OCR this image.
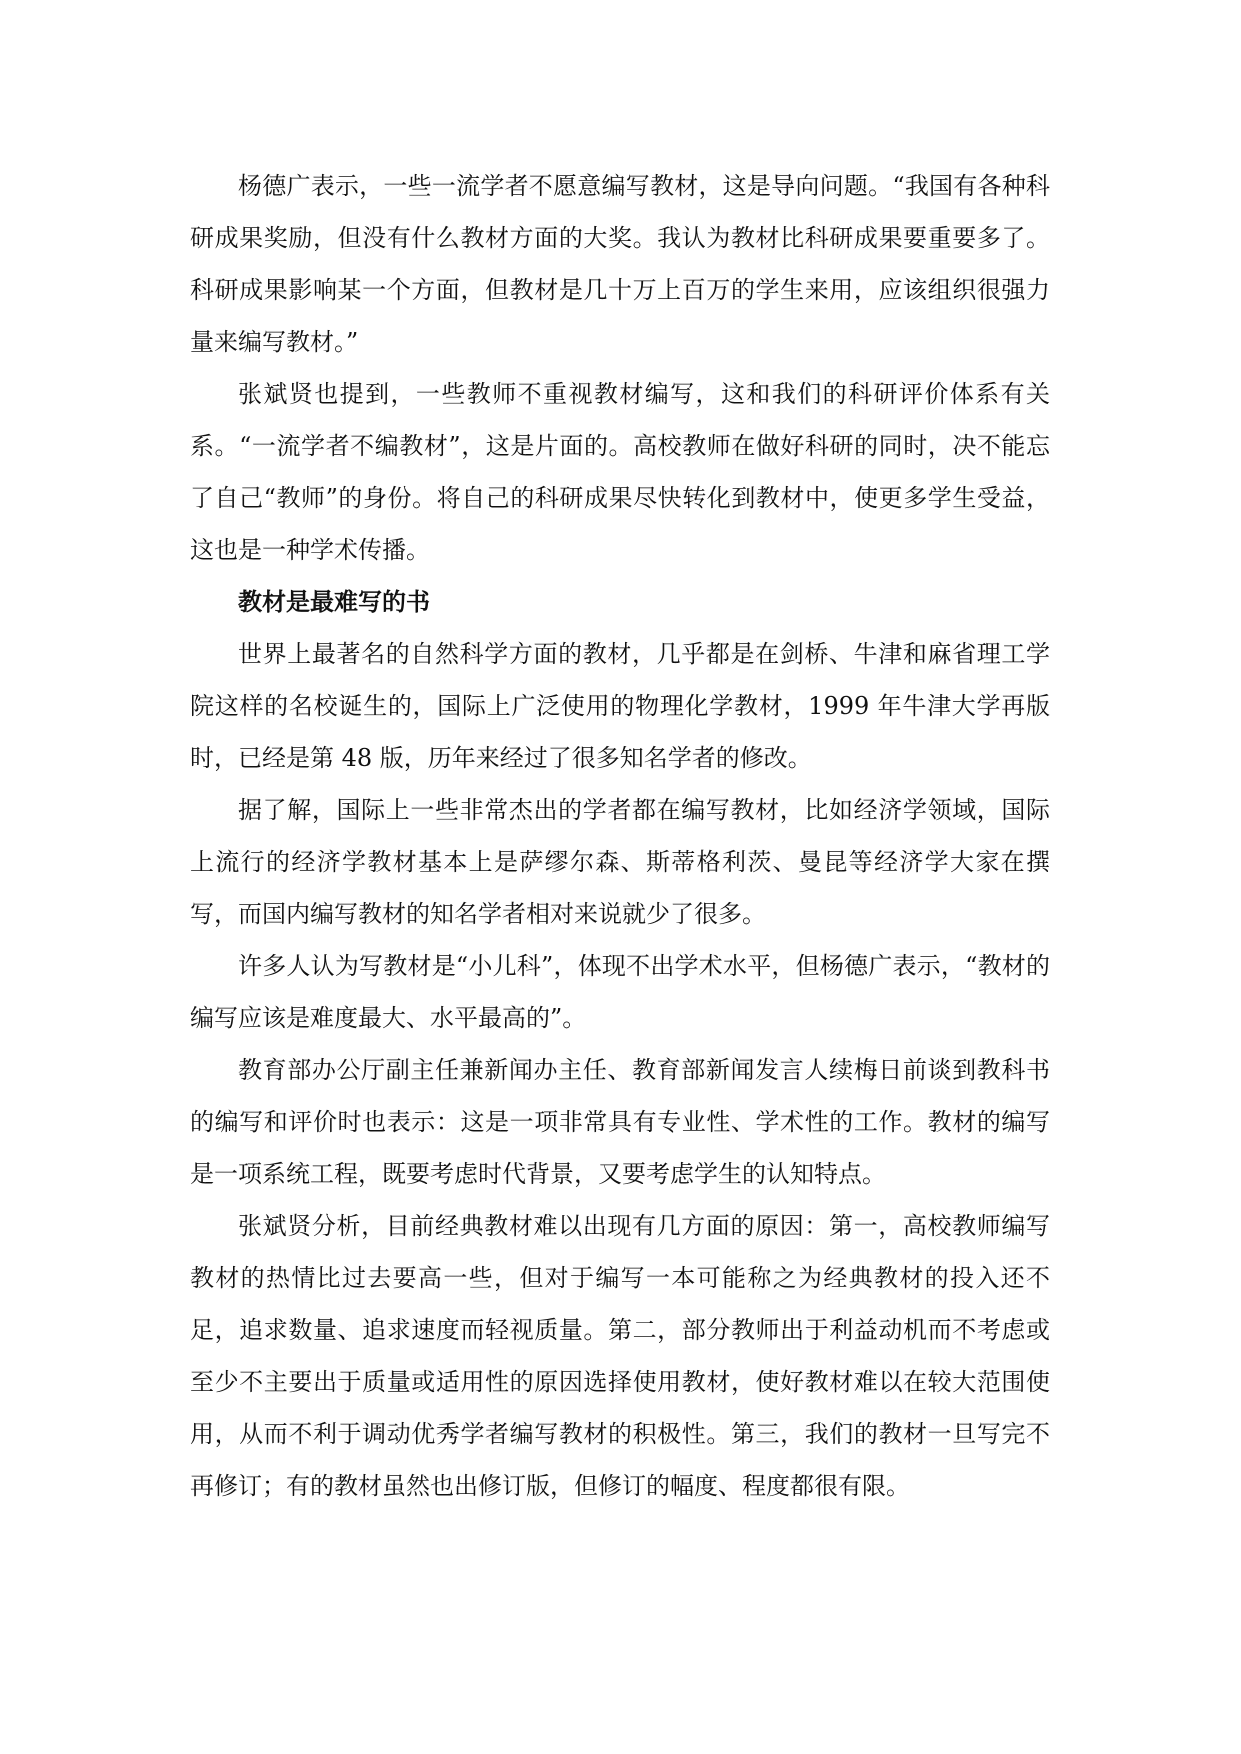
杨德广表示，一些一流学者不愿意编写教材，这是导向问题。“我国有各种科研成果奖励，但没有什么教材方面的大奖。我认为教材比科研成果要重要多了。科研成果影响某一个方面，但教材是几十万上百万的学生来用，应该组织很强力量来编写教材。”

张斌贤也提到，一些教师不重视教材编写，这和我们的科研评价体系有关系。“一流学者不编教材”，这是片面的。高校教师在做好科研的同时，决不能忘了自己“教师”的身份。将自己的科研成果尽快转化到教材中，使更多学生受益，这也是一种学术传播。

教材是最难写的书

世界上最著名的自然科学方面的教材，几乎都是在剑桥、牛津和麻省理工学院这样的名校诞生的，国际上广泛使用的物理化学教材，1999 年牛津大学再版时，已经是第 48 版，历年来经过了很多知名学者的修改。

据了解，国际上一些非常杰出的学者都在编写教材，比如经济学领域，国际上流行的经济学教材基本上是萨缪尔森、斯蒂格利茨、曼昆等经济学大家在撰写，而国内编写教材的知名学者相对来说就少了很多。

许多人认为写教材是“小儿科”，体现不出学术水平，但杨德广表示，“教材的编写应该是难度最大、水平最高的”。

教育部办公厅副主任兼新闻办主任、教育部新闻发言人续梅日前谈到教科书的编写和评价时也表示：这是一项非常具有专业性、学术性的工作。教材的编写是一项系统工程，既要考虑时代背景，又要考虑学生的认知特点。

张斌贤分析，目前经典教材难以出现有几方面的原因：第一，高校教师编写教材的热情比过去要高一些，但对于编写一本可能称之为经典教材的投入还不足，追求数量、追求速度而轻视质量。第二，部分教师出于利益动机而不考虑或至少不主要出于质量或适用性的原因选择使用教材，使好教材难以在较大范围使用，从而不利于调动优秀学者编写教材的积极性。第三，我们的教材一旦写完不再修订；有的教材虽然也出修订版，但修订的幅度、程度都很有限。
